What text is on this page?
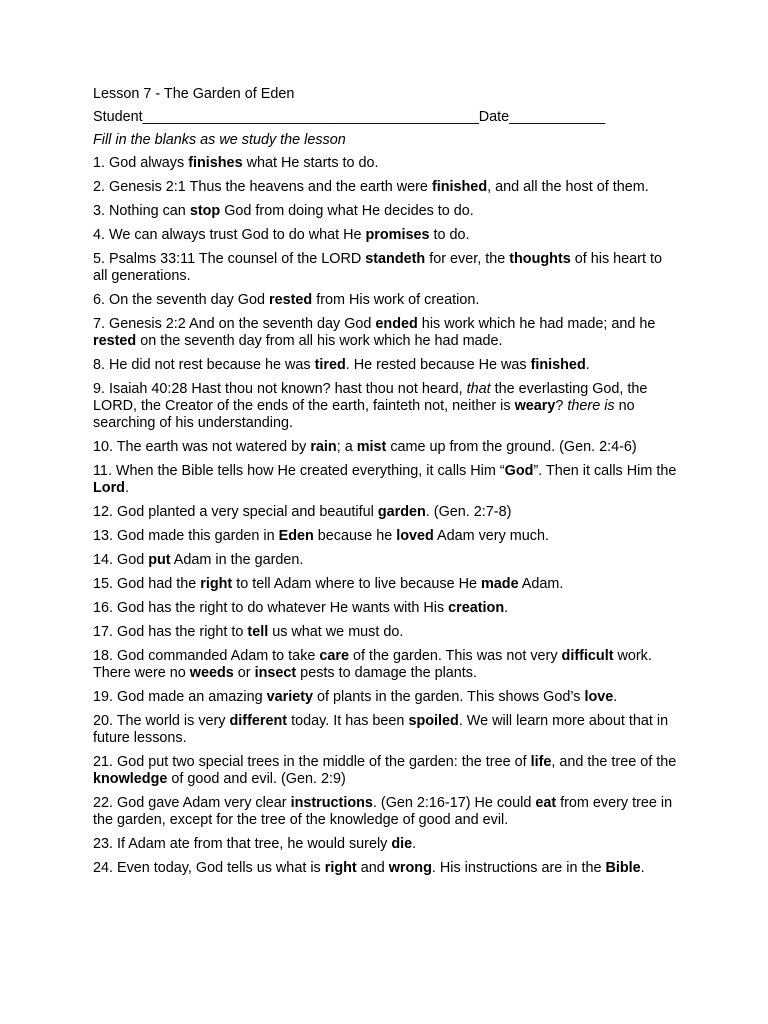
Lesson 7 - The Garden of Eden
Student__________________________________________Date____________
Fill in the blanks as we study the lesson
1. God always finishes what He starts to do.
2. Genesis 2:1 Thus the heavens and the earth were finished, and all the host of them.
3. Nothing can stop God from doing what He decides to do.
4. We can always trust God to do what He promises to do.
5. Psalms 33:11 The counsel of the LORD standeth for ever, the thoughts of his heart to all generations.
6. On the seventh day God rested from His work of creation.
7. Genesis 2:2 And on the seventh day God ended his work which he had made; and he rested on the seventh day from all his work which he had made.
8. He did not rest because he was tired. He rested because He was finished.
9. Isaiah 40:28 Hast thou not known? hast thou not heard, that the everlasting God, the LORD, the Creator of the ends of the earth, fainteth not, neither is weary? there is no searching of his understanding.
10. The earth was not watered by rain; a mist came up from the ground. (Gen. 2:4-6)
11. When the Bible tells how He created everything, it calls Him “God”. Then it calls Him the Lord.
12. God planted a very special and beautiful garden. (Gen. 2:7-8)
13. God made this garden in Eden because he loved Adam very much.
14. God put Adam in the garden.
15. God had the right to tell Adam where to live because He made Adam.
16. God has the right to do whatever He wants with His creation.
17. God has the right to tell us what we must do.
18. God commanded Adam to take care of the garden. This was not very difficult work. There were no weeds or insect pests to damage the plants.
19. God made an amazing variety of plants in the garden. This shows God’s love.
20. The world is very different today. It has been spoiled. We will learn more about that in future lessons.
21. God put two special trees in the middle of the garden: the tree of life, and the tree of the knowledge of good and evil. (Gen. 2:9)
22. God gave Adam very clear instructions. (Gen 2:16-17) He could eat from every tree in the garden, except for the tree of the knowledge of good and evil.
23. If Adam ate from that tree, he would surely die.
24. Even today, God tells us what is right and wrong. His instructions are in the Bible.
